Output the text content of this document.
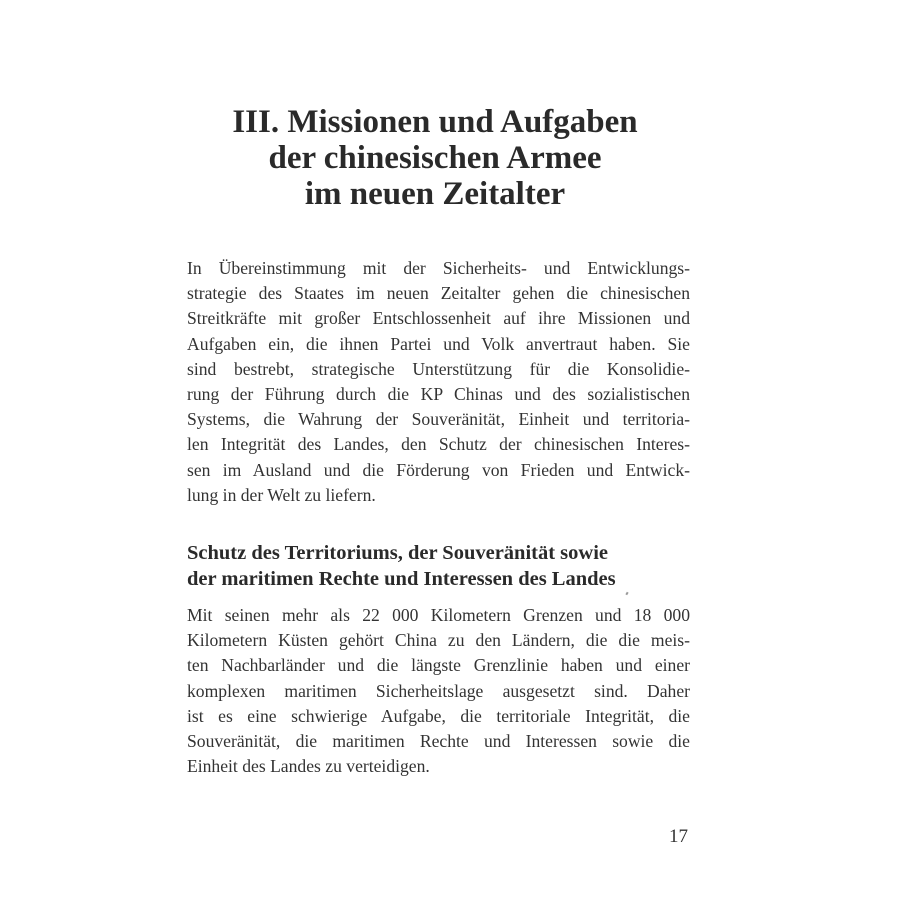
III. Missionen und Aufgaben
der chinesischen Armee
im neuen Zeitalter
In Übereinstimmung mit der Sicherheits- und Entwicklungs-
strategie des Staates im neuen Zeitalter gehen die chinesischen
Streitkräfte mit großer Entschlossenheit auf ihre Missionen und
Aufgaben ein, die ihnen Partei und Volk anvertraut haben. Sie
sind bestrebt, strategische Unterstützung für die Konsolidie-
rung der Führung durch die KP Chinas und des sozialistischen
Systems, die Wahrung der Souveränität, Einheit und territoria-
len Integrität des Landes, den Schutz der chinesischen Interes-
sen im Ausland und die Förderung von Frieden und Entwick-
lung in der Welt zu liefern.
Schutz des Territoriums, der Souveränität sowie
der maritimen Rechte und Interessen des Landes
Mit seinen mehr als 22 000 Kilometern Grenzen und 18 000
Kilometern Küsten gehört China zu den Ländern, die die meis-
ten Nachbarländer und die längste Grenzlinie haben und einer
komplexen maritimen Sicherheitslage ausgesetzt sind. Daher
ist es eine schwierige Aufgabe, die territoriale Integrität, die
Souveränität, die maritimen Rechte und Interessen sowie die
Einheit des Landes zu verteidigen.
17
